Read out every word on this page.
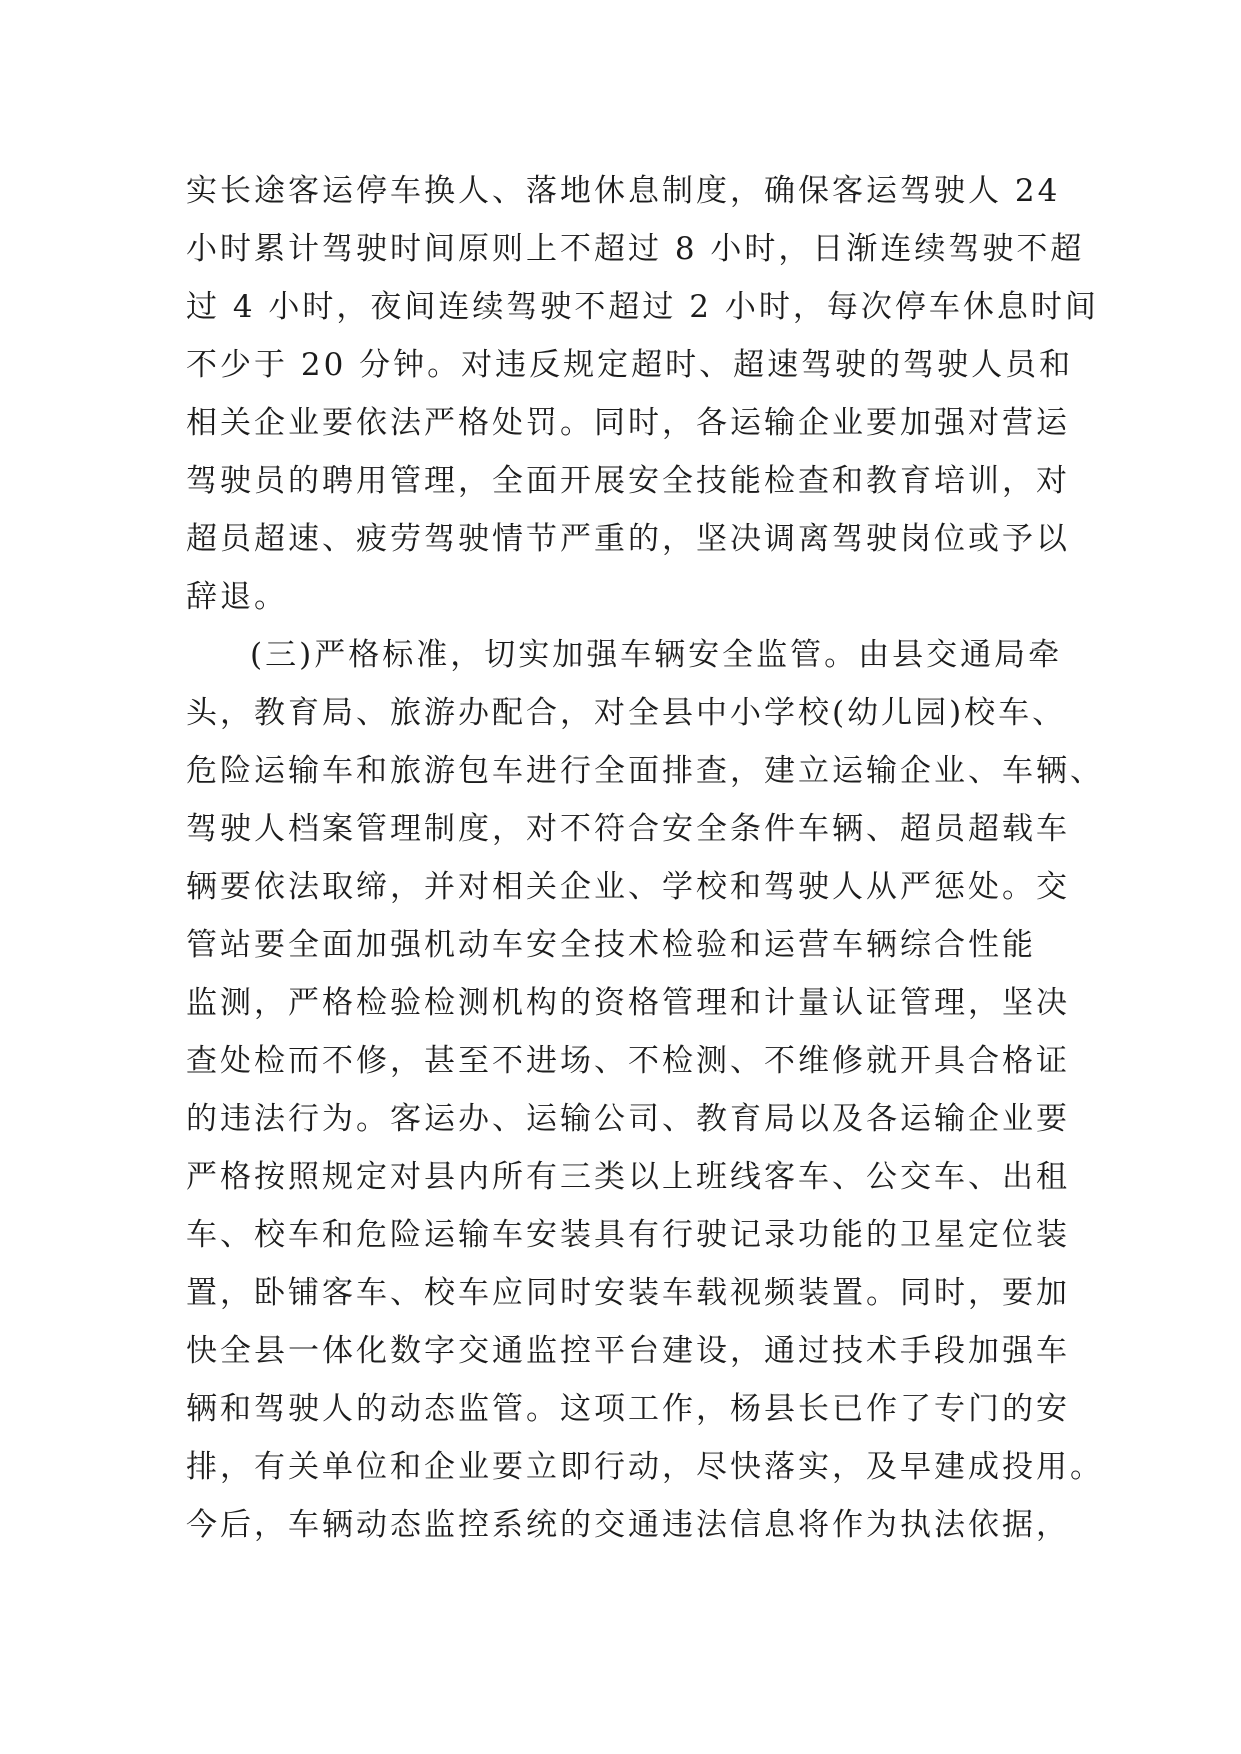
实长途客运停车换人、落地休息制度，确保客运驾驶人 24
小时累计驾驶时间原则上不超过 8 小时，日渐连续驾驶不超
过 4 小时，夜间连续驾驶不超过 2 小时，每次停车休息时间
不少于 20 分钟。对违反规定超时、超速驾驶的驾驶人员和
相关企业要依法严格处罚。同时，各运输企业要加强对营运
驾驶员的聘用管理，全面开展安全技能检查和教育培训，对
超员超速、疲劳驾驶情节严重的，坚决调离驾驶岗位或予以
辞退。
(三)严格标准，切实加强车辆安全监管。由县交通局牵
头，教育局、旅游办配合，对全县中小学校(幼儿园)校车、
危险运输车和旅游包车进行全面排查，建立运输企业、车辆、
驾驶人档案管理制度，对不符合安全条件车辆、超员超载车
辆要依法取缔，并对相关企业、学校和驾驶人从严惩处。交
管站要全面加强机动车安全技术检验和运营车辆综合性能
监测，严格检验检测机构的资格管理和计量认证管理，坚决
查处检而不修，甚至不进场、不检测、不维修就开具合格证
的违法行为。客运办、运输公司、教育局以及各运输企业要
严格按照规定对县内所有三类以上班线客车、公交车、出租
车、校车和危险运输车安装具有行驶记录功能的卫星定位装
置，卧铺客车、校车应同时安装车载视频装置。同时，要加
快全县一体化数字交通监控平台建设，通过技术手段加强车
辆和驾驶人的动态监管。这项工作，杨县长已作了专门的安
排，有关单位和企业要立即行动，尽快落实，及早建成投用。
今后，车辆动态监控系统的交通违法信息将作为执法依据，
